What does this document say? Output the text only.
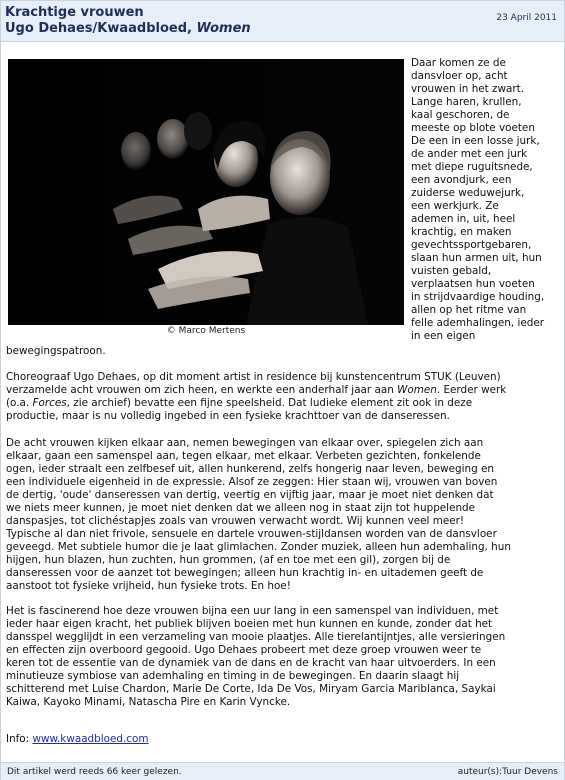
Krachtige vrouwen
Ugo Dehaes/Kwaadbloed, Women
23 April 2011
© Marco Mertens
Daar komen ze de
dansvloer op, acht
vrouwen in het zwart.
Lange haren, krullen,
kaal geschoren, de
meeste op blote voeten
De een in een losse jurk,
de ander met een jurk
met diepe ruguitsnede,
een avondjurk, een
zuiderse weduwejurk,
een werkjurk. Ze
ademen in, uit, heel
krachtig, en maken
gevechtssportgebaren,
slaan hun armen uit, hun
vuisten gebald,
verplaatsen hun voeten
in strijdvaardige houding,
allen op het ritme van
felle ademhalingen, ieder
in een eigen
bewegingspatroon.
Choreograaf Ugo Dehaes, op dit moment artist in residence bij kunstencentrum STUK (Leuven)
verzamelde acht vrouwen om zich heen, en werkte een anderhalf jaar aan Women. Eerder werk
(o.a. Forces, zie archief) bevatte een fijne speelsheid. Dat ludieke element zit ook in deze
productie, maar is nu volledig ingebed in een fysieke krachttoer van de danseressen.
De acht vrouwen kijken elkaar aan, nemen bewegingen van elkaar over, spiegelen zich aan
elkaar, gaan een samenspel aan, tegen elkaar, met elkaar. Verbeten gezichten, fonkelende
ogen, ieder straalt een zelfbesef uit, allen hunkerend, zelfs hongerig naar leven, beweging en
een individuele eigenheid in de expressie. Alsof ze zeggen: Hier staan wij, vrouwen van boven
de dertig, 'oude' danseressen van dertig, veertig en vijftig jaar, maar je moet niet denken dat
we niets meer kunnen, je moet niet denken dat we alleen nog in staat zijn tot huppelende
danspasjes, tot clichéstapjes zoals van vrouwen verwacht wordt. Wij kunnen veel meer!
Typische al dan niet frivole, sensuele en dartele vrouwen-stijldansen worden van de dansvloer
geveegd. Met subtiele humor die je laat glimlachen. Zonder muziek, alleen hun ademhaling, hun
hijgen, hun blazen, hun zuchten, hun grommen, (af en toe met een gil), zorgen bij de
danseressen voor de aanzet tot bewegingen; alleen hun krachtig in- en uitademen geeft de
aanstoot tot fysieke vrijheid, hun fysieke trots. En hoe!
Het is fascinerend hoe deze vrouwen bijna een uur lang in een samenspel van individuen, met
ieder haar eigen kracht, het publiek blijven boeien met hun kunnen en kunde, zonder dat het
dansspel wegglijdt in een verzameling van mooie plaatjes. Alle tierelantijntjes, alle versieringen
en effecten zijn overboord gegooid. Ugo Dehaes probeert met deze groep vrouwen weer te
keren tot de essentie van de dynamiek van de dans en de kracht van haar uitvoerders. In een
minutieuze symbiose van ademhaling en timing in de bewegingen. En daarin slaagt hij
schitterend met Luise Chardon, Marie De Corte, Ida De Vos, Miryam Garcia Mariblanca, Saykai
Kaiwa, Kayoko Minami, Natascha Pire en Karin Vyncke.
Info: www.kwaadbloed.com
Dit artikel werd reeds 66 keer gelezen.	auteur(s):Tuur Devens
